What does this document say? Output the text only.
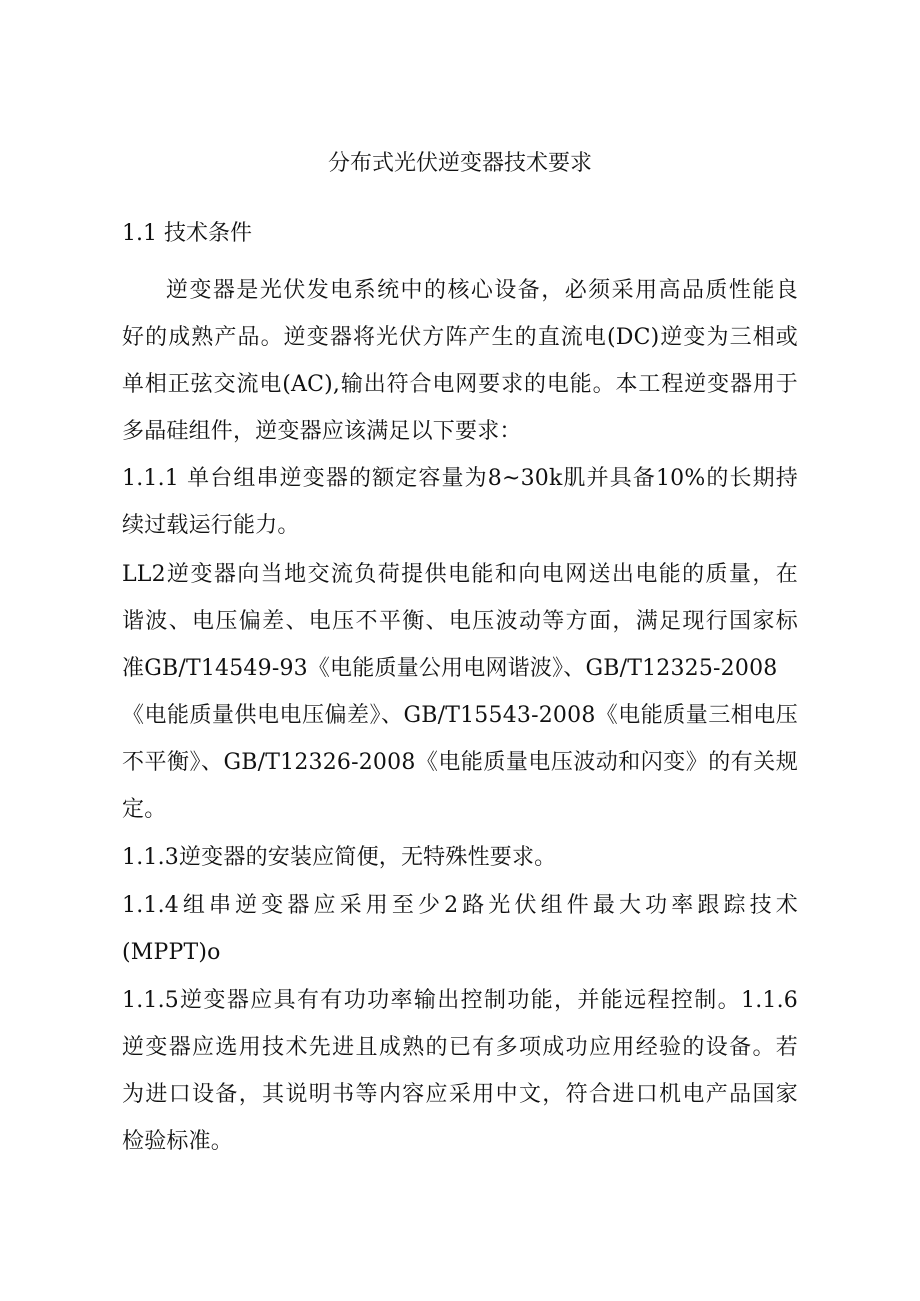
分布式光伏逆变器技术要求
1.1 技术条件
逆变器是光伏发电系统中的核心设备，必须采用高品质性能良
好的成熟产品。逆变器将光伏方阵产生的直流电(DC)逆变为三相或
单相正弦交流电(AC),输出符合电网要求的电能。本工程逆变器用于
多晶硅组件，逆变器应该满足以下要求：
1.1.1 单台组串逆变器的额定容量为8~30k肌并具备10%的长期持
续过载运行能力。
LL2逆变器向当地交流负荷提供电能和向电网送出电能的质量，在
谐波、电压偏差、电压不平衡、电压波动等方面，满足现行国家标
准GB/T14549-93《电能质量公用电网谐波》、GB/T12325-2008
《电能质量供电电压偏差》、GB/T15543-2008《电能质量三相电压
不平衡》、GB/T12326-2008《电能质量电压波动和闪变》的有关规
定。
1.1.3逆变器的安装应简便，无特殊性要求。
1.1.4组串逆变器应采用至少2路光伏组件最大功率跟踪技术
(MPPT)o
1.1.5逆变器应具有有功功率输出控制功能，并能远程控制。1.1.6
逆变器应选用技术先进且成熟的已有多项成功应用经验的设备。若
为进口设备，其说明书等内容应采用中文，符合进口机电产品国家
检验标准。
